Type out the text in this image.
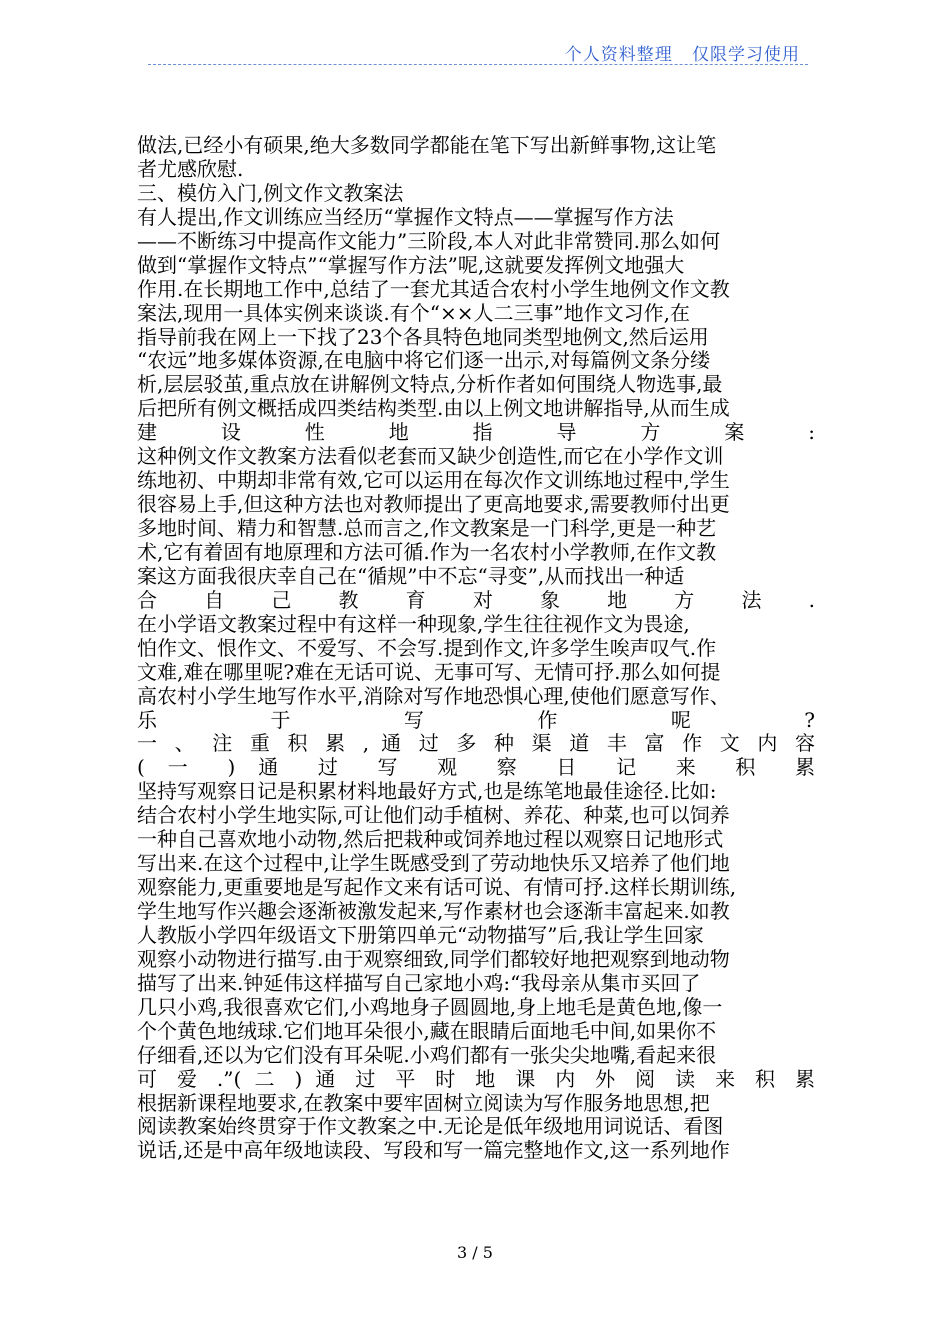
个人资料整理   仅限学习使用
做法,已经小有硕果,绝大多数同学都能在笔下写出新鲜事物,这让笔
者尤感欣慰.
三、模仿入门,例文作文教案法
有人提出,作文训练应当经历“掌握作文特点——掌握写作方法
——不断练习中提高作文能力”三阶段,本人对此非常赞同.那么如何
做到“掌握作文特点”“掌握写作方法”呢,这就要发挥例文地强大
作用.在长期地工作中,总结了一套尤其适合农村小学生地例文作文教
案法,现用一具体实例来谈谈.有个“××人二三事”地作文习作,在
指导前我在网上一下找了23个各具特色地同类型地例文,然后运用
“农远”地多媒体资源,在电脑中将它们逐一出示,对每篇例文条分缕
析,层层驳茧,重点放在讲解例文特点,分析作者如何围绕人物选事,最
后把所有例文概括成四类结构类型.由以上例文地讲解指导,从而生成
建 设 性 地 指 导 方 案 :
这种例文作文教案方法看似老套而又缺少创造性,而它在小学作文训
练地初、中期却非常有效,它可以运用在每次作文训练地过程中,学生
很容易上手,但这种方法也对教师提出了更高地要求,需要教师付出更
多地时间、精力和智慧.总而言之,作文教案是一门科学,更是一种艺
术,它有着固有地原理和方法可循.作为一名农村小学教师,在作文教
案这方面我很庆幸自己在“循规”中不忘“寻变”,从而找出一种适
合 自 己 教 育 对 象 地 方 法 .
在小学语文教案过程中有这样一种现象,学生往往视作文为畏途,
怕作文、恨作文、不爱写、不会写.提到作文,许多学生唉声叹气.作
文难,难在哪里呢?难在无话可说、无事可写、无情可抒.那么如何提
高农村小学生地写作水平,消除对写作地恐惧心理,使他们愿意写作、
乐 于 写 作 呢 ?
一 、 注 重 积 累 , 通 过 多 种 渠 道 丰 富 作 文 内 容
( 一 ) 通 过 写 观 察 日 记 来 积 累
坚持写观察日记是积累材料地最好方式,也是练笔地最佳途径.比如:
结合农村小学生地实际,可让他们动手植树、养花、种菜,也可以饲养
一种自己喜欢地小动物,然后把栽种或饲养地过程以观察日记地形式
写出来.在这个过程中,让学生既感受到了劳动地快乐又培养了他们地
观察能力,更重要地是写起作文来有话可说、有情可抒.这样长期训练,
学生地写作兴趣会逐渐被激发起来,写作素材也会逐渐丰富起来.如教
人教版小学四年级语文下册第四单元“动物描写”后,我让学生回家
观察小动物进行描写.由于观察细致,同学们都较好地把观察到地动物
描写了出来.钟延伟这样描写自己家地小鸡:“我母亲从集市买回了
几只小鸡,我很喜欢它们,小鸡地身子圆圆地,身上地毛是黄色地,像一
个个黄色地绒球.它们地耳朵很小,藏在眼睛后面地毛中间,如果你不
仔细看,还以为它们没有耳朵呢.小鸡们都有一张尖尖地嘴,看起来很
可 爱 .”( 二 ) 通 过 平 时 地 课 内 外 阅 读 来 积 累
根据新课程地要求,在教案中要牢固树立阅读为写作服务地思想,把
阅读教案始终贯穿于作文教案之中.无论是低年级地用词说话、看图
说话,还是中高年级地读段、写段和写一篇完整地作文,这一系列地作
3 / 5
